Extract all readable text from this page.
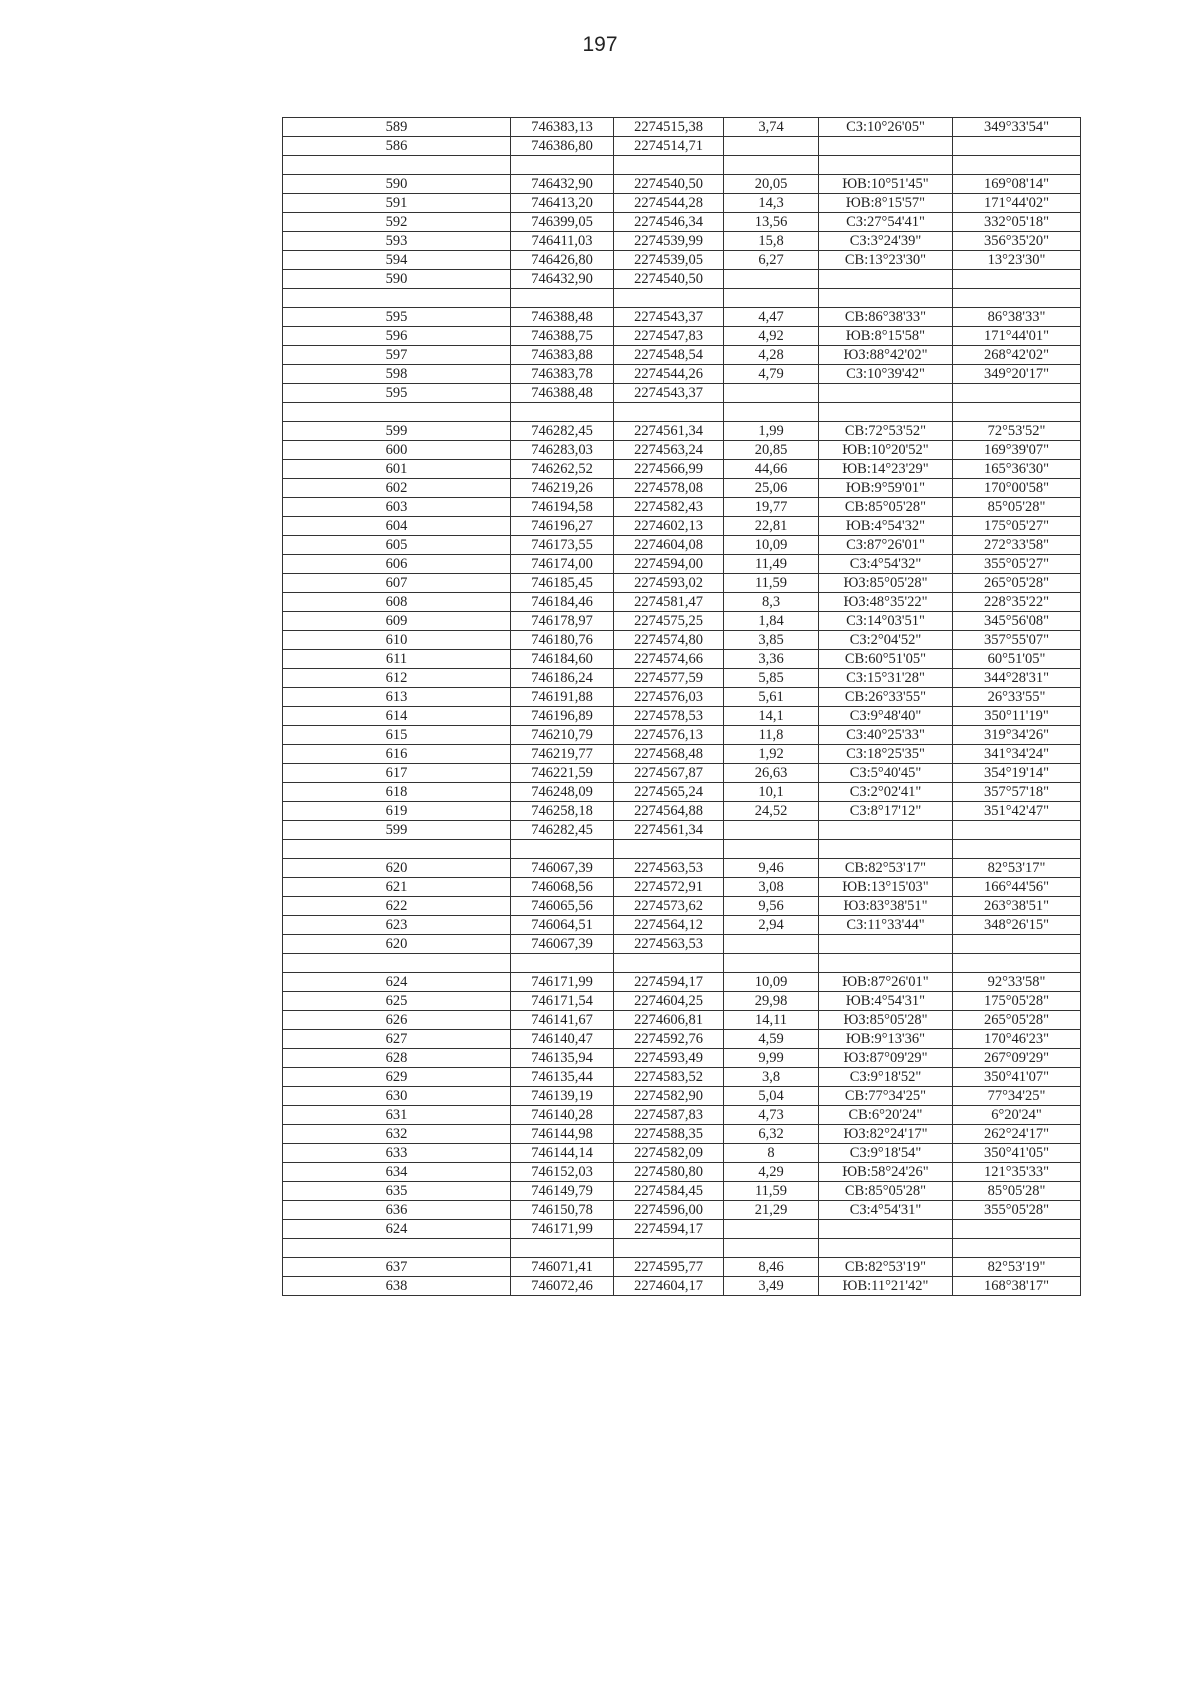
197
589	746383,13	2274515,38	3,74	СЗ:10°26'05"	349°33'54"
586	746386,80	2274514,71			

590	746432,90	2274540,50	20,05	ЮВ:10°51'45"	169°08'14"
591	746413,20	2274544,28	14,3	ЮВ:8°15'57"	171°44'02"
592	746399,05	2274546,34	13,56	СЗ:27°54'41"	332°05'18"
593	746411,03	2274539,99	15,8	СЗ:3°24'39"	356°35'20"
594	746426,80	2274539,05	6,27	СВ:13°23'30"	13°23'30"
590	746432,90	2274540,50			

595	746388,48	2274543,37	4,47	СВ:86°38'33"	86°38'33"
596	746388,75	2274547,83	4,92	ЮВ:8°15'58"	171°44'01"
597	746383,88	2274548,54	4,28	ЮЗ:88°42'02"	268°42'02"
598	746383,78	2274544,26	4,79	СЗ:10°39'42"	349°20'17"
595	746388,48	2274543,37			

599	746282,45	2274561,34	1,99	СВ:72°53'52"	72°53'52"
600	746283,03	2274563,24	20,85	ЮВ:10°20'52"	169°39'07"
601	746262,52	2274566,99	44,66	ЮВ:14°23'29"	165°36'30"
602	746219,26	2274578,08	25,06	ЮВ:9°59'01"	170°00'58"
603	746194,58	2274582,43	19,77	СВ:85°05'28"	85°05'28"
604	746196,27	2274602,13	22,81	ЮВ:4°54'32"	175°05'27"
605	746173,55	2274604,08	10,09	СЗ:87°26'01"	272°33'58"
606	746174,00	2274594,00	11,49	СЗ:4°54'32"	355°05'27"
607	746185,45	2274593,02	11,59	ЮЗ:85°05'28"	265°05'28"
608	746184,46	2274581,47	8,3	ЮЗ:48°35'22"	228°35'22"
609	746178,97	2274575,25	1,84	СЗ:14°03'51"	345°56'08"
610	746180,76	2274574,80	3,85	СЗ:2°04'52"	357°55'07"
611	746184,60	2274574,66	3,36	СВ:60°51'05"	60°51'05"
612	746186,24	2274577,59	5,85	СЗ:15°31'28"	344°28'31"
613	746191,88	2274576,03	5,61	СВ:26°33'55"	26°33'55"
614	746196,89	2274578,53	14,1	СЗ:9°48'40"	350°11'19"
615	746210,79	2274576,13	11,8	СЗ:40°25'33"	319°34'26"
616	746219,77	2274568,48	1,92	СЗ:18°25'35"	341°34'24"
617	746221,59	2274567,87	26,63	СЗ:5°40'45"	354°19'14"
618	746248,09	2274565,24	10,1	СЗ:2°02'41"	357°57'18"
619	746258,18	2274564,88	24,52	СЗ:8°17'12"	351°42'47"
599	746282,45	2274561,34			

620	746067,39	2274563,53	9,46	СВ:82°53'17"	82°53'17"
621	746068,56	2274572,91	3,08	ЮВ:13°15'03"	166°44'56"
622	746065,56	2274573,62	9,56	ЮЗ:83°38'51"	263°38'51"
623	746064,51	2274564,12	2,94	СЗ:11°33'44"	348°26'15"
620	746067,39	2274563,53			

624	746171,99	2274594,17	10,09	ЮВ:87°26'01"	92°33'58"
625	746171,54	2274604,25	29,98	ЮВ:4°54'31"	175°05'28"
626	746141,67	2274606,81	14,11	ЮЗ:85°05'28"	265°05'28"
627	746140,47	2274592,76	4,59	ЮВ:9°13'36"	170°46'23"
628	746135,94	2274593,49	9,99	ЮЗ:87°09'29"	267°09'29"
629	746135,44	2274583,52	3,8	СЗ:9°18'52"	350°41'07"
630	746139,19	2274582,90	5,04	СВ:77°34'25"	77°34'25"
631	746140,28	2274587,83	4,73	СВ:6°20'24"	6°20'24"
632	746144,98	2274588,35	6,32	ЮЗ:82°24'17"	262°24'17"
633	746144,14	2274582,09	8	СЗ:9°18'54"	350°41'05"
634	746152,03	2274580,80	4,29	ЮВ:58°24'26"	121°35'33"
635	746149,79	2274584,45	11,59	СВ:85°05'28"	85°05'28"
636	746150,78	2274596,00	21,29	СЗ:4°54'31"	355°05'28"
624	746171,99	2274594,17			

637	746071,41	2274595,77	8,46	СВ:82°53'19"	82°53'19"
638	746072,46	2274604,17	3,49	ЮВ:11°21'42"	168°38'17"
